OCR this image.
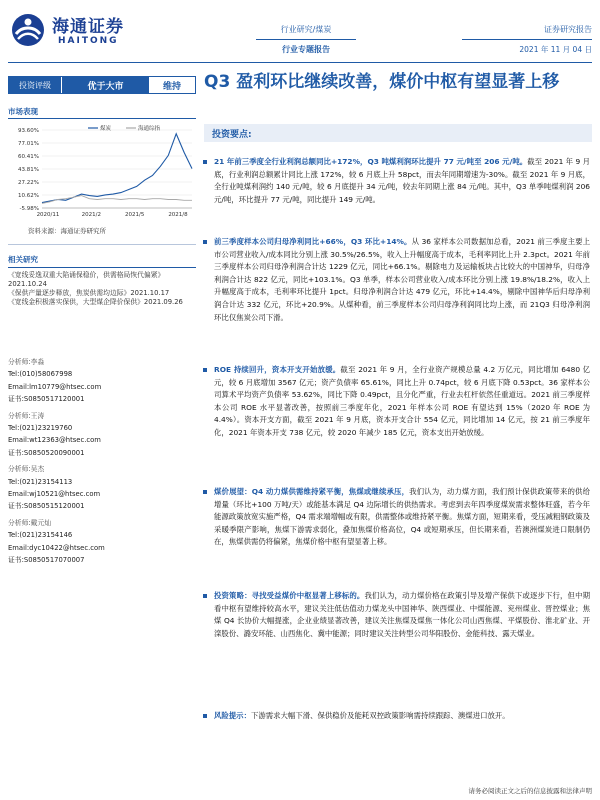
海通证券
HAITONG
行业研究/煤炭
行业专题报告
证券研究报告
2021 年 11 月 04 日
投资评级	优于大市	维持
市场表现
-5.98%
10.62%
27.22%
43.81%
60.41%
77.01%
93.60%
2020/11	2021/2	2021/5	2021/8
煤炭	海通综指
资料来源：海通证券研究所
相关研究
《宽线妥逸双重大陷诵保稳价，供需格局恢代偏紧》2021.10.24
《保供产量逐步释放，焦炭供需均边际》2021.10.17
《宽线金积极落实保供，大型煤企降价保供》2021.09.26
分析师:李淼
Tel:(010)58067998
Email:lm10779@htsec.com
证书:S0850517120001
分析师:王涛
Tel:(021)23219760
Email:wt12363@htsec.com
证书:S0850520090001
分析师:吴杰
Tel:(021)23154113
Email:wj10521@htsec.com
证书:S0850515120001
分析师:戴元灿
Tel:(021)23154146
Email:dyc10422@htsec.com
证书:S0850517070007
Q3 盈利环比继续改善，煤价中枢有望显著上移
投资要点:
21 年前三季度全行业利润总额同比+172%，Q3 吨煤利润环比提升 77 元/吨至 206 元/吨。截至 2021 年 9 月底，行业利润总额累计同比上涨 172%，较 6 月底上升 58pct，而去年同期增速为-30%。截至 2021 年 9 月底，全行业吨煤利润约 140 元/吨，较 6 月底提升 34 元/吨，较去年同期上涨 84 元/吨。其中，Q3 单季吨煤利润 206 元/吨，环比提升 77 元/吨，同比提升 149 元/吨。
前三季度样本公司归母净利同比+66%，Q3 环比+14%。从 36 家样本公司数据加总看，2021 前三季度主要上市公司营业收入/成本同比分别上涨 30.5%/26.5%，收入上升幅度高于成本，毛利率同比上升 2.3pct。2021 年前三季度样本公司归母净利润合计达 1229 亿元，同比+66.1%。剔除电力及运输板块占比较大的中国神华，归母净利润合计达 822 亿元，同比+103.1%。Q3 单季，样本公司营业收入/成本环比分别上涨 19.8%/18.2%，收入上升幅度高于成本，毛利率环比提升 1pct。归母净利润合计达 479 亿元，环比+14.4%，剔除中国神华后归母净利润合计达 332 亿元，环比+20.9%。从煤种看，前三季度样本公司归母净利润同比均上涨，而 21Q3 归母净利润环比仅焦炭公司下滑。
ROE 持续回升，资本开支开始放缓。截至 2021 年 9 月，全行业资产规模总量 4.2 万亿元，同比增加 6480 亿元，较 6 月底增加 3567 亿元；资产负债率 65.61%，同比上升 0.74pct，较 6 月底下降 0.53pct。36 家样本公司算术平均资产负债率 53.62%，同比下降 0.49pct，且分化严重，行业去杠杆依然任重道远。2021 前三季度样本公司 ROE 水平显著改善，按照前三季度年化，2021 年样本公司 ROE 有望达到 15%（2020 年 ROE 为 4.4%）。资本开支方面，截至 2021 年 9 月底，资本开支合计 554 亿元，同比增加 14 亿元，按 21 前三季度年化，2021 年资本开支 738 亿元，较 2020 年减少 185 亿元，资本支出开始放缓。
煤价展望：Q4 动力煤供需维持紧平衡，焦煤或继续承压，我们认为，动力煤方面，我们预计保供政策带来的供给增量（环比+100 万吨/天）或能基本满足 Q4 边际增长的供热需求。考虑到去年四季度煤炭需求整体旺盛，若今年能源政策放宽实施严格，Q4 需求端增幅或有限，供需整体或维持紧平衡。焦煤方面，短期来看，受压减粗钢政策及采暖季限产影响，焦煤下游需求弱化，叠加焦煤价格高位，Q4 或短期承压，但长期来看，若澳洲煤炭进口限制仍在，焦煤供需仍将偏紧，焦煤价格中枢有望显著上移。
投资策略：寻找受益煤价中枢显著上移标的。我们认为，动力煤价格在政策引导及增产保供下或逐步下行，但中期看中枢有望维持较高水平，建议关注低估值动力煤龙头中国神华、陕西煤业、中煤能源、兖州煤业、晋控煤业；焦煤 Q4 长协价大幅提涨，企业业绩显著改善，建议关注焦煤及煤焦一体化公司山西焦煤、平煤股份、淮北矿业、开滦股份、潞安环能、山西焦化、冀中能源；同时建议关注转型公司华阳股份、金能科技、露天煤业。
风险提示：下游需求大幅下滑、保供稳价及能耗双控政策影响需持续跟踪、澳煤进口放开。
请务必阅读正文之后的信息披露和法律声明
